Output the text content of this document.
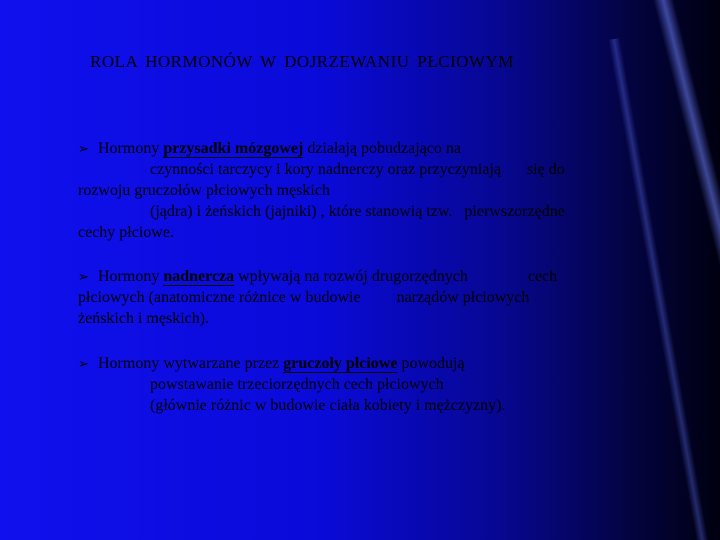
ROLA HORMONÓW W DOJRZEWANIU PŁCIOWYM
➢ Hormony przysadki mózgowej działają pobudzająco na
czynności tarczycy i kory nadnerczy oraz przyczyniają się do
rozwoju gruczołów płciowych męskich
(jądra) i żeńskich (jajniki) , które stanowią tzw. pierwszorzędne
cechy płciowe.
➢ Hormony nadnercza wpływają na rozwój drugorzędnych	cech
płciowych (anatomiczne różnice w budowie narządów płciowych
żeńskich i męskich).
➢ Hormony wytwarzane przez gruczoły płciowe powodują
powstawanie trzeciorzędnych cech płciowych
(głównie różnic w budowie ciała kobiety i mężczyzny).
